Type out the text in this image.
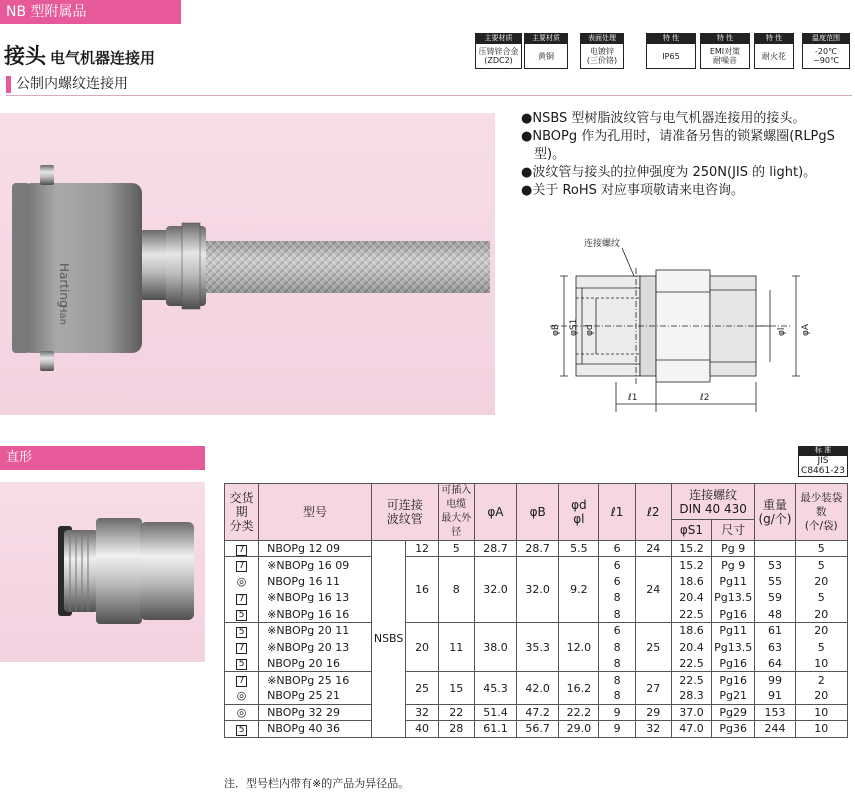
NB 型附属品
接头 电气机器连接用
公制内螺纹连接用
主要材质
压铸锌合金
(ZDC2)
主要材质
黄铜
表面处理
电镀锌
(三价铬)
特 性
IP65
特 性
EMI对策
耐噪音
特 性
耐火花
温度范围
-20℃
~90℃
Harting
Han
●NSBS 型树脂波纹管与电气机器连接用的接头。
●NBOPg 作为孔用时，请准备另售的锁紧螺圈(RLPgS 型)。
●波纹管与接头的拉伸强度为 250N(JIS 的 light)。
●关于 RoHS 对应事项敬请来电咨询。
连接螺纹
φB φS1 φd	φl φA
ℓ1	ℓ2
直形	标 准
JIS
C8461-23
交货期
分类	型号	可连接
波纹管		可插入
电缆
最大外径	φA	φB	φd
φl	ℓ1	ℓ2	连接螺纹
DIN 40 430		重量
(g/个)	最少装袋数
(个/袋)
										φS1	尺寸		
7	NBOPg 12 09	NSBS	12	5	28.7	28.7	5.5	6	24	15.2	Pg 9		5
7	※NBOPg 16 09		16	8	32.0	32.0	9.2	6	24	15.2	Pg 9	53	5
◎	NBOPg 16 11							6		18.6	Pg11	55	20
7	※NBOPg 16 13							8		20.4	Pg13.5	59	5
5	※NBOPg 16 16							8		22.5	Pg16	48	20
5	※NBOPg 20 11		20	11	38.0	35.3	12.0	6	25	18.6	Pg11	61	20
7	※NBOPg 20 13							8		20.4	Pg13.5	63	5
5	NBOPg 20 16							8		22.5	Pg16	64	10
7	※NBOPg 25 16		25	15	45.3	42.0	16.2	8	27	22.5	Pg16	99	2
◎	NBOPg 25 21							8		28.3	Pg21	91	20
◎	NBOPg 32 29		32	22	51.4	47.2	22.2	9	29	37.0	Pg29	153	10
5	NBOPg 40 36		40	28	61.1	56.7	29.0	9	32	47.0	Pg36	244	10
注．型号栏内带有※的产品为异径品。
